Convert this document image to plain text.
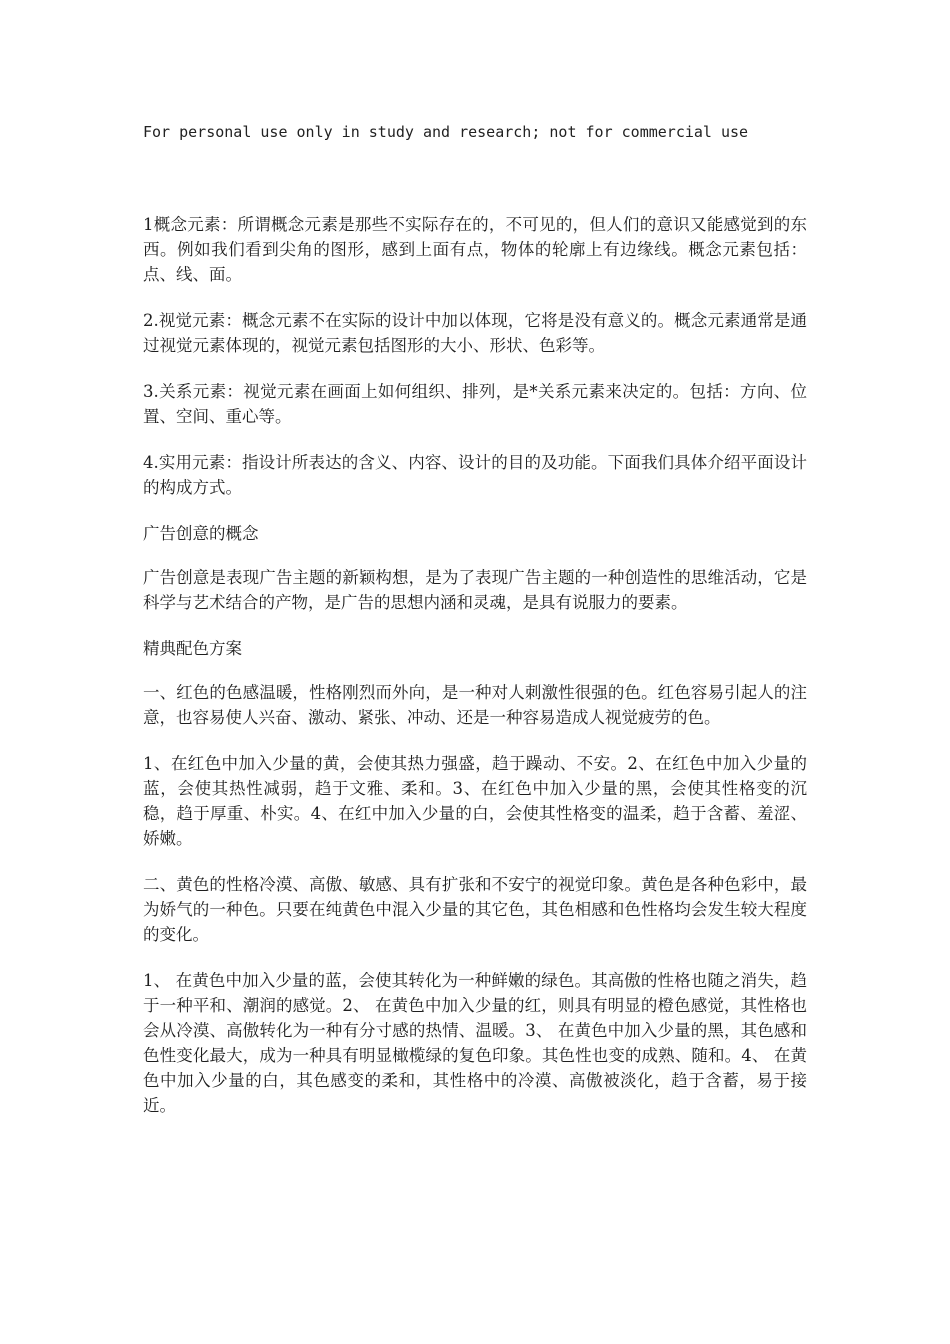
For personal use only in study and research; not for commercial use

1概念元素：所谓概念元素是那些不实际存在的，不可见的，但人们的意识又能感觉到的东西。例如我们看到尖角的图形，感到上面有点，物体的轮廓上有边缘线。概念元素包括：点、线、面。

2.视觉元素：概念元素不在实际的设计中加以体现，它将是没有意义的。概念元素通常是通过视觉元素体现的，视觉元素包括图形的大小、形状、色彩等。

3.关系元素：视觉元素在画面上如何组织、排列，是*关系元素来决定的。包括：方向、位置、空间、重心等。

4.实用元素：指设计所表达的含义、内容、设计的目的及功能。下面我们具体介绍平面设计的构成方式。

广告创意的概念

广告创意是表现广告主题的新颖构想，是为了表现广告主题的一种创造性的思维活动，它是科学与艺术结合的产物，是广告的思想内涵和灵魂，是具有说服力的要素。

精典配色方案

一、红色的色感温暖，性格刚烈而外向，是一种对人刺激性很强的色。红色容易引起人的注意，也容易使人兴奋、激动、紧张、冲动、还是一种容易造成人视觉疲劳的色。

1、在红色中加入少量的黄，会使其热力强盛，趋于躁动、不安。2、在红色中加入少量的蓝，会使其热性减弱，趋于文雅、柔和。3、在红色中加入少量的黑，会使其性格变的沉稳，趋于厚重、朴实。4、在红中加入少量的白，会使其性格变的温柔，趋于含蓄、羞涩、娇嫩。

二、黄色的性格冷漠、高傲、敏感、具有扩张和不安宁的视觉印象。黄色是各种色彩中，最为娇气的一种色。只要在纯黄色中混入少量的其它色，其色相感和色性格均会发生较大程度的变化。

1、 在黄色中加入少量的蓝，会使其转化为一种鲜嫩的绿色。其高傲的性格也随之消失，趋于一种平和、潮润的感觉。2、 在黄色中加入少量的红，则具有明显的橙色感觉，其性格也会从冷漠、高傲转化为一种有分寸感的热情、温暖。3、 在黄色中加入少量的黑，其色感和色性变化最大，成为一种具有明显橄榄绿的复色印象。其色性也变的成熟、随和。4、 在黄色中加入少量的白，其色感变的柔和，其性格中的冷漠、高傲被淡化，趋于含蓄，易于接近。
